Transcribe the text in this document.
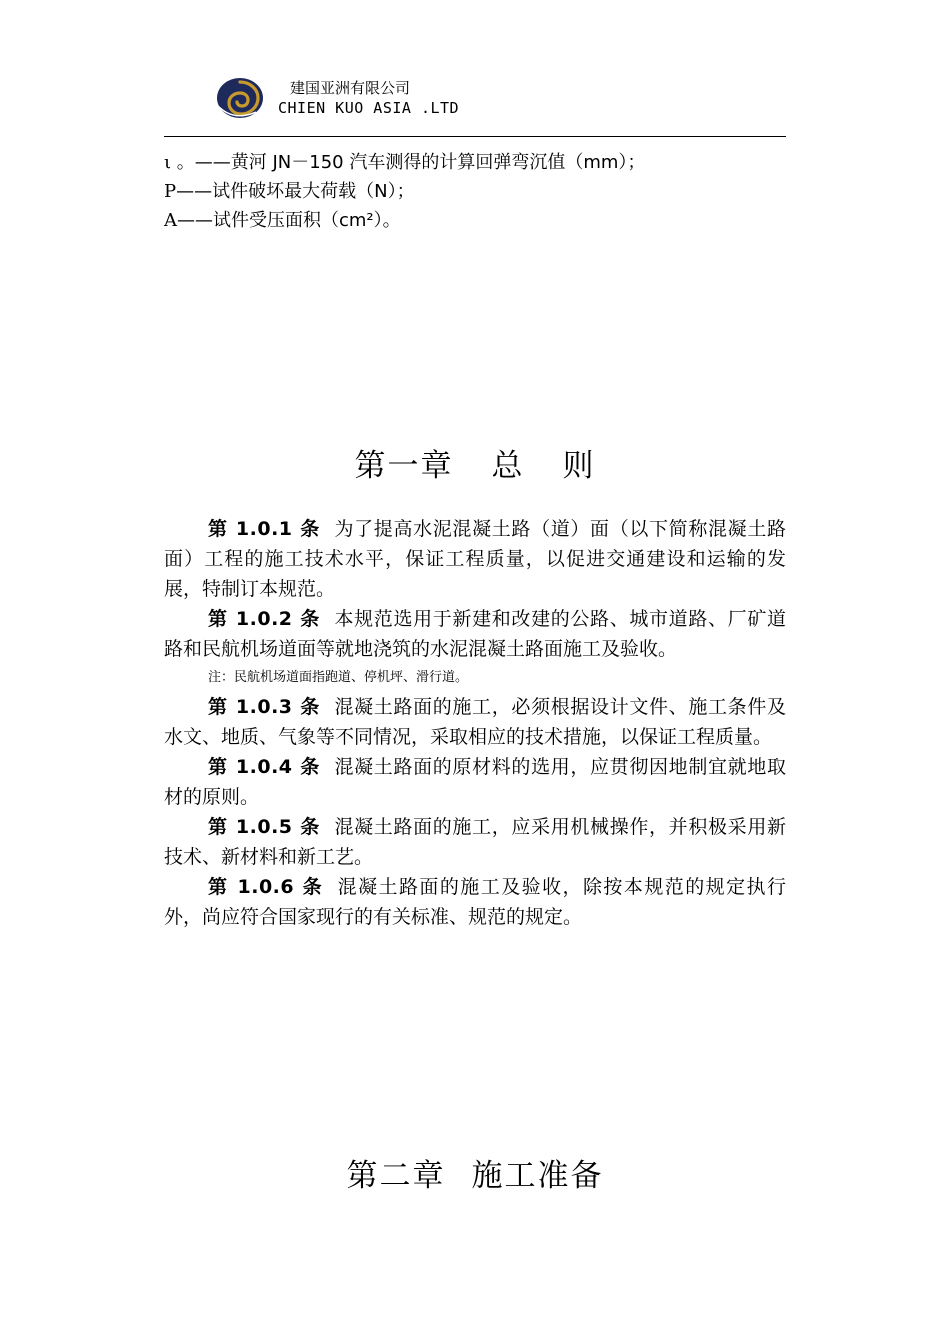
建国亚洲有限公司
CHIEN KUO ASIA .LTD
ι 。——黄河 JN－150 汽车测得的计算回弹弯沉值（mm）；
P——试件破坏最大荷载（N）；
A——试件受压面积（cm²）。
第一章 总 则

第 1.0.1 条 为了提高水泥混凝土路（道）面（以下简称混凝土路面）工程的施工技术水平，保证工程质量，以促进交通建设和运输的发展，特制订本规范。

第 1.0.2 条 本规范选用于新建和改建的公路、城市道路、厂矿道路和民航机场道面等就地浇筑的水泥混凝土路面施工及验收。

注：民航机场道面指跑道、停机坪、滑行道。

第 1.0.3 条 混凝土路面的施工，必须根据设计文件、施工条件及水文、地质、气象等不同情况，采取相应的技术措施，以保证工程质量。

第 1.0.4 条 混凝土路面的原材料的选用，应贯彻因地制宜就地取材的原则。

第 1.0.5 条 混凝土路面的施工，应采用机械操作，并积极采用新技术、新材料和新工艺。

第 1.0.6 条 混凝土路面的施工及验收，除按本规范的规定执行外，尚应符合国家现行的有关标准、规范的规定。

第二章 施工准备
